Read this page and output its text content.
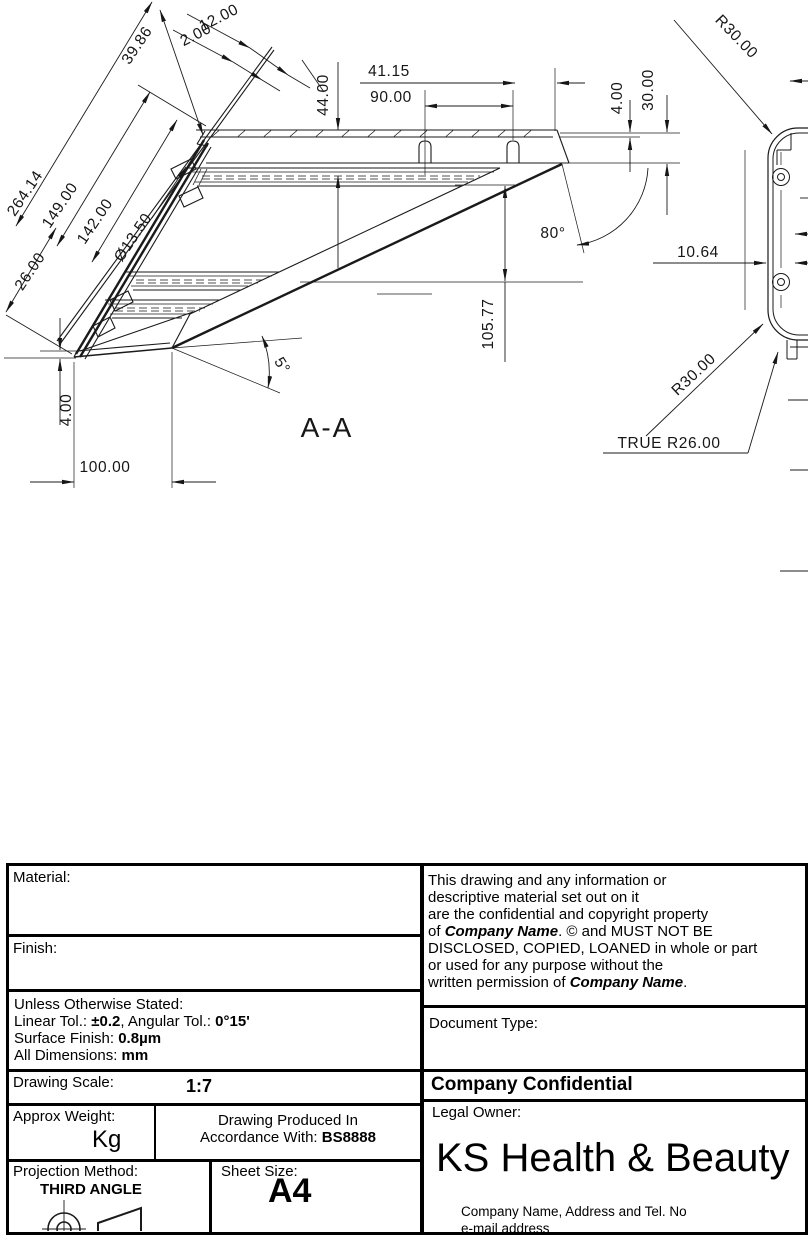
12.00
2.00
39.86
264.14
149.00
142.00
Ø13.50
26.00
44.00
41.15
90.00	4.00 30.00
80°
105.77
5°
4.00
100.00
A-A
R30.00
10.64
R30.00
TRUE R26.00
Material:
Finish:
Unless Otherwise Stated:
Linear Tol.: ±0.2, Angular Tol.: 0°15'
Surface Finish: 0.8µm
All Dimensions: mm
Drawing Scale:	1:7
Approx Weight:
Kg
Drawing Produced In
Accordance With: BS8888
Projection Method:
THIRD ANGLE
Sheet Size:
A4
This drawing and any information or
descriptive material set out on it
are the confidential and copyright property
of Company Name. © and MUST NOT BE
DISCLOSED, COPIED, LOANED in whole or part
or used for any purpose without the
written permission of Company Name.
Document Type:
Company Confidential
Legal Owner:
KS Health & Beauty
Company Name, Address and Tel. No
e-mail address
